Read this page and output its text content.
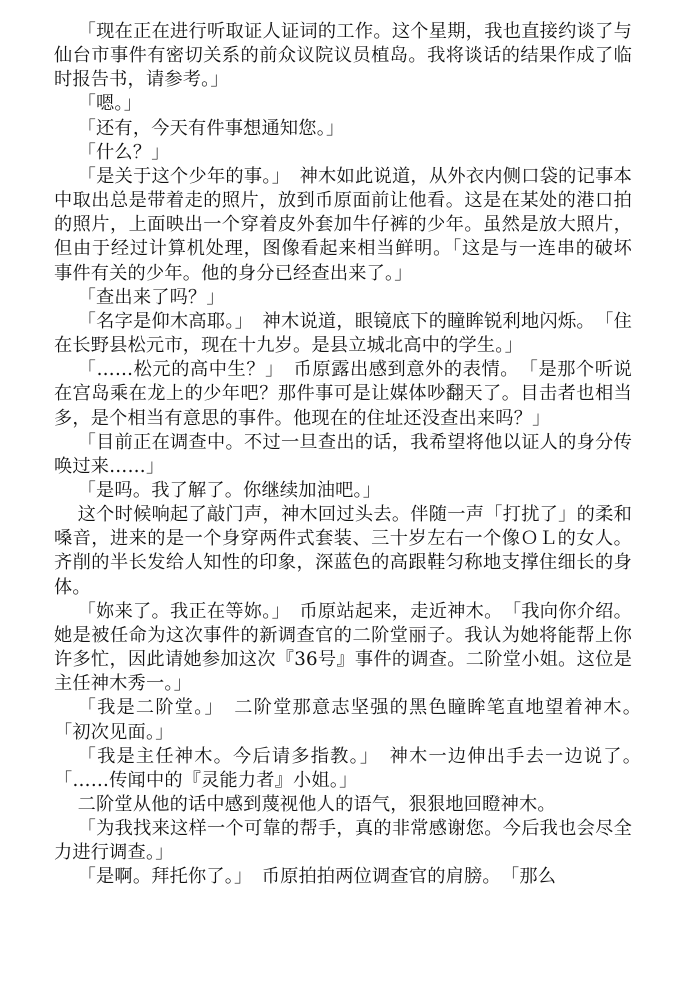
「现在正在进行听取证人证词的工作。这个星期，我也直接约谈了与仙台市事件有密切关系的前众议院议员植岛。我将谈话的结果作成了临时报告书，请参考。」

「嗯。」

「还有，今天有件事想通知您。」

「什么？」

「是关于这个少年的事。」　神木如此说道，从外衣内侧口袋的记事本中取出总是带着走的照片，放到币原面前让他看。这是在某处的港口拍的照片，上面映出一个穿着皮外套加牛仔裤的少年。虽然是放大照片，但由于经过计算机处理，图像看起来相当鲜明。「这是与一连串的破坏事件有关的少年。他的身分已经查出来了。」

「查出来了吗？」

「名字是仰木高耶。」　神木说道，眼镜底下的瞳眸锐利地闪烁。　「住在长野县松元市，现在十九岁。是县立城北高中的学生。」

「……松元的高中生？」　币原露出感到意外的表情。　「是那个听说在宫岛乘在龙上的少年吧？那件事可是让媒体吵翻天了。目击者也相当多，是个相当有意思的事件。他现在的住址还没查出来吗？」

「目前正在调查中。不过一旦查出的话，我希望将他以证人的身分传唤过来……」

「是吗。我了解了。你继续加油吧。」

这个时候响起了敲门声，神木回过头去。伴随一声「打扰了」的柔和嗓音，进来的是一个身穿两件式套装、三十岁左右一个像ＯＬ的女人。齐削的半长发给人知性的印象，深蓝色的高跟鞋匀称地支撑住细长的身体。

「妳来了。我正在等妳。」　币原站起来，走近神木。　「我向你介绍。她是被任命为这次事件的新调查官的二阶堂丽子。我认为她将能帮上你许多忙，因此请她参加这次『36号』事件的调查。二阶堂小姐。这位是主任神木秀一。」

「我是二阶堂。」　二阶堂那意志坚强的黑色瞳眸笔直地望着神木。　「初次见面。」

「我是主任神木。今后请多指教。」　神木一边伸出手去一边说了。　「……传闻中的『灵能力者』小姐。」

二阶堂从他的话中感到蔑视他人的语气，狠狠地回瞪神木。

「为我找来这样一个可靠的帮手，真的非常感谢您。今后我也会尽全力进行调查。」

「是啊。拜托你了。」　币原拍拍两位调查官的肩膀。　「那么
